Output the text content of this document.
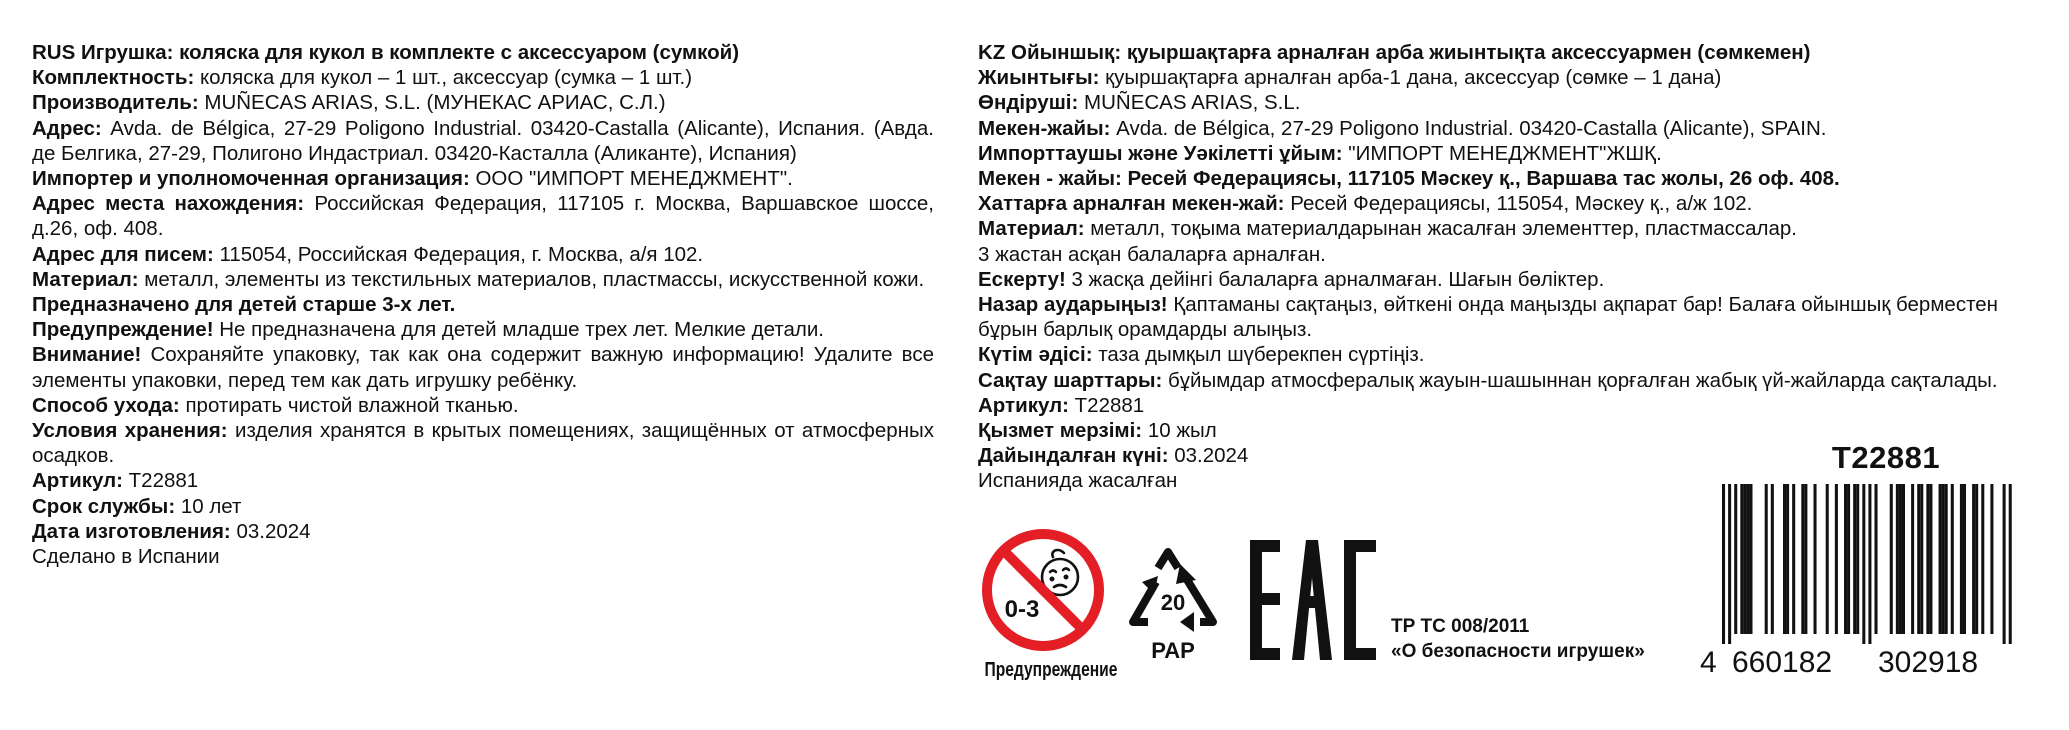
RUS Игрушка: коляска для кукол в комплекте с аксессуаром (сумкой)
Комплектность: коляска для кукол – 1 шт., аксессуар (сумка – 1 шт.)
Производитель: MUÑECAS ARIAS, S.L. (МУНЕКАС АРИАС, С.Л.)
Адрес: Avda. de Bélgica, 27-29 Poligono Industrial. 03420-Castalla (Alicante), Испания. (Авда. де Белгика, 27-29, Полигоно Индастриал. 03420-Касталла (Аликанте), Испания)
Импортер и уполномоченная организация: ООО "ИМПОРТ МЕНЕДЖМЕНТ".
Адрес места нахождения: Российская Федерация, 117105 г. Москва, Варшавское шоссе, д.26, оф. 408.
Адрес для писем: 115054, Российская Федерация, г. Москва, а/я 102.
Материал: металл, элементы из текстильных материалов, пластмассы, искусственной кожи.
Предназначено для детей старше 3-х лет.
Предупреждение! Не предназначена для детей младше трех лет. Мелкие детали.
Внимание! Сохраняйте упаковку, так как она содержит важную информацию! Удалите все элементы упаковки, перед тем как дать игрушку ребёнку.
Способ ухода: протирать чистой влажной тканью.
Условия хранения: изделия хранятся в крытых помещениях, защищённых от атмосферных осадков.
Артикул: T22881
Срок службы: 10 лет
Дата изготовления: 03.2024
Сделано в Испании
KZ Ойыншық: қуыршақтарға арналған арба жиынтықта аксессуармен (сөмкемен)
Жиынтығы: қуыршақтарға арналған арба-1 дана, аксессуар (сөмке – 1 дана)
Өндіруші: MUÑECAS ARIAS, S.L.
Мекен-жайы: Avda. de Bélgica, 27-29 Poligono Industrial. 03420-Castalla (Alicante), SPAIN.
Импорттаушы және Уәкілетті ұйым: "ИМПОРТ МЕНЕДЖМЕНТ"ЖШҚ.
Мекен - жайы: Ресей Федерациясы, 117105 Мәскеу қ., Варшава тас жолы, 26 оф. 408.
Хаттарға арналған мекен-жай: Ресей Федерациясы, 115054, Мәскеу қ., а/ж 102.
Материал: металл, тоқыма материалдарынан жасалған элементтер, пластмассалар.
3 жастан асқан балаларға арналған.
Ескерту! 3 жасқа дейінгі балаларға арналмаған. Шағын бөлiктер.
Назар аударыңыз! Қаптаманы сақтаңыз, өйткені онда маңызды ақпарат бар! Балаға ойыншық берместен бұрын барлық орамдарды алыңыз.
Күтім әдісі: таза дымқыл шүберекпен сүртіңіз.
Сақтау шарттары: бұйымдар атмосфералық жауын-шашыннан қорғалған жабық үй-жайларда сақталады.
Артикул: T22881
Қызмет мерзімі: 10 жыл
Дайындалған күні: 03.2024
Испанияда жасалған
0-3
Предупреждение
20
PAP
ТР ТС 008/2011
«О безопасности игрушек»
T22881
4 660182 302918
